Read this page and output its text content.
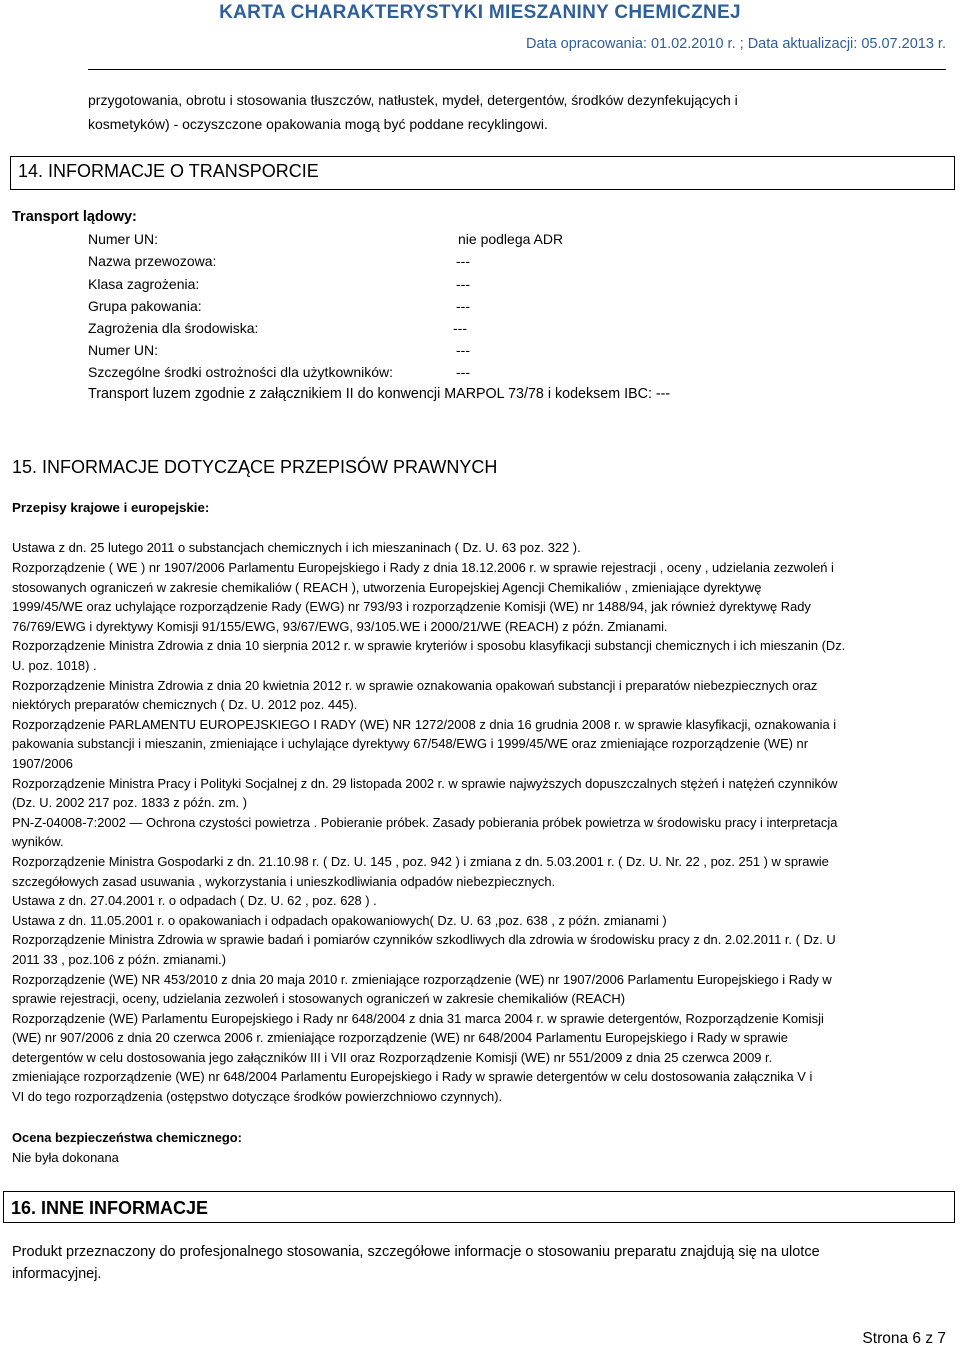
KARTA CHARAKTERYSTYKI MIESZANINY CHEMICZNEJ
Data opracowania: 01.02.2010 r. ; Data aktualizacji: 05.07.2013 r.
przygotowania, obrotu i stosowania tłuszczów, natłustek, mydeł, detergentów, środków dezynfekujących i
kosmetyków) - oczyszczone opakowania mogą być poddane recyklingowi.
14. INFORMACJE O TRANSPORCIE
Transport lądowy:
Numer UN:	nie podlega ADR
Nazwa przewozowa:	---
Klasa zagrożenia:	---
Grupa pakowania:	---
Zagrożenia dla środowiska:	---
Numer UN:	---
Szczególne środki ostrożności dla użytkowników:	---
Transport luzem zgodnie z załącznikiem II do konwencji MARPOL 73/78 i kodeksem IBC: ---
15. INFORMACJE DOTYCZĄCE PRZEPISÓW PRAWNYCH
Przepisy krajowe i europejskie:
Ustawa z dn. 25 lutego 2011 o substancjach chemicznych i ich mieszaninach ( Dz. U. 63 poz. 322 ).
Rozporządzenie ( WE ) nr 1907/2006 Parlamentu Europejskiego i Rady z dnia 18.12.2006 r. w sprawie rejestracji , oceny , udzielania zezwoleń i
stosowanych ograniczeń w zakresie chemikaliów ( REACH ), utworzenia Europejskiej Agencji Chemikaliów , zmieniające dyrektywę
1999/45/WE oraz uchylające rozporządzenie Rady (EWG) nr 793/93 i rozporządzenie Komisji (WE) nr 1488/94, jak również dyrektywę Rady
76/769/EWG i dyrektywy Komisji 91/155/EWG, 93/67/EWG, 93/105.WE i 2000/21/WE (REACH) z późn. Zmianami.
Rozporządzenie Ministra Zdrowia z dnia 10 sierpnia 2012 r. w sprawie kryteriów i sposobu klasyfikacji substancji chemicznych i ich mieszanin (Dz.
U. poz. 1018) .
Rozporządzenie Ministra Zdrowia z dnia 20 kwietnia 2012 r. w sprawie oznakowania opakowań substancji i preparatów niebezpiecznych oraz
niektórych preparatów chemicznych ( Dz. U. 2012 poz. 445).
Rozporządzenie PARLAMENTU EUROPEJSKIEGO I RADY (WE) NR 1272/2008 z dnia 16 grudnia 2008 r. w sprawie klasyfikacji, oznakowania i
pakowania substancji i mieszanin, zmieniające i uchylające dyrektywy 67/548/EWG i 1999/45/WE oraz zmieniające rozporządzenie (WE) nr
1907/2006
Rozporządzenie Ministra Pracy i Polityki Socjalnej z dn. 29 listopada 2002 r. w sprawie najwyższych dopuszczalnych stężeń i natężeń czynników
(Dz. U. 2002 217 poz. 1833 z późn. zm. )
PN-Z-04008-7:2002 — Ochrona czystości powietrza . Pobieranie próbek. Zasady pobierania próbek powietrza w środowisku pracy i interpretacja
wyników.
Rozporządzenie Ministra Gospodarki z dn. 21.10.98 r. ( Dz. U. 145 , poz. 942 ) i zmiana z dn. 5.03.2001 r. ( Dz. U. Nr. 22 , poz. 251 ) w sprawie
szczegółowych zasad usuwania , wykorzystania i unieszkodliwiania odpadów niebezpiecznych.
Ustawa z dn. 27.04.2001 r. o odpadach ( Dz. U. 62 , poz. 628 ) .
Ustawa z dn. 11.05.2001 r. o opakowaniach i odpadach opakowaniowych( Dz. U. 63 ,poz. 638 , z późn. zmianami )
Rozporządzenie Ministra Zdrowia w sprawie badań i pomiarów czynników szkodliwych dla zdrowia w środowisku pracy z dn. 2.02.2011 r. ( Dz. U
2011 33 , poz.106 z późn. zmianami.)
Rozporządzenie (WE) NR 453/2010 z dnia 20 maja 2010 r. zmieniające rozporządzenie (WE) nr 1907/2006 Parlamentu Europejskiego i Rady w
sprawie rejestracji, oceny, udzielania zezwoleń i stosowanych ograniczeń w zakresie chemikaliów (REACH)
Rozporządzenie (WE) Parlamentu Europejskiego i Rady nr 648/2004 z dnia 31 marca 2004 r. w sprawie detergentów, Rozporządzenie Komisji
(WE) nr 907/2006 z dnia 20 czerwca 2006 r. zmieniające rozporządzenie (WE) nr 648/2004 Parlamentu Europejskiego i Rady w sprawie
detergentów w celu dostosowania jego załączników III i VII oraz Rozporządzenie Komisji (WE) nr 551/2009 z dnia 25 czerwca 2009 r.
zmieniające rozporządzenie (WE) nr 648/2004 Parlamentu Europejskiego i Rady w sprawie detergentów w celu dostosowania załącznika V i
VI do tego rozporządzenia (ostępstwo dotyczące środków powierzchniowo czynnych).
Ocena bezpieczeństwa chemicznego:
Nie była dokonana
16. INNE INFORMACJE
Produkt przeznaczony do profesjonalnego stosowania, szczegółowe informacje o stosowaniu preparatu znajdują się na ulotce
informacyjnej.
Strona 6 z 7
